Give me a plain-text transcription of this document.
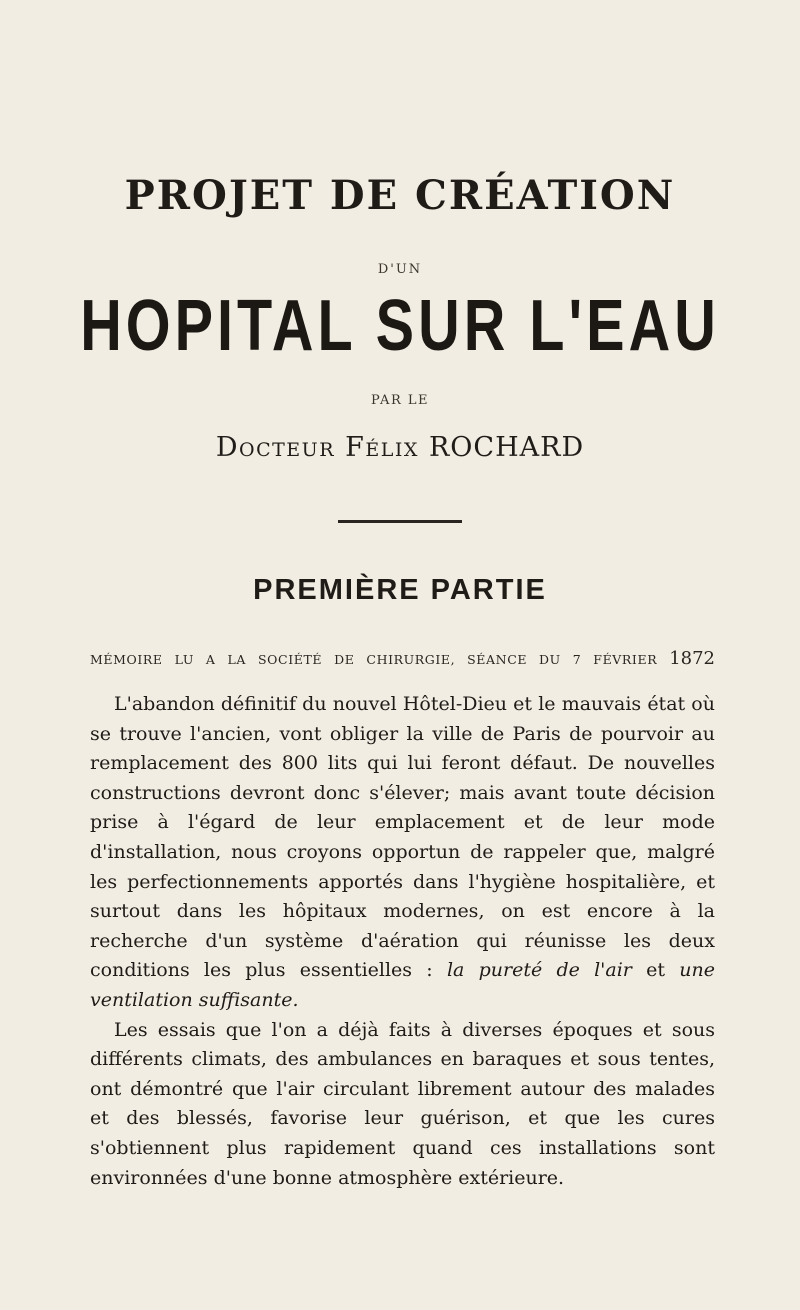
PROJET DE CRÉATION
D'UN
HOPITAL SUR L'EAU
PAR LE
Docteur Félix ROCHARD
PREMIÈRE PARTIE
MÉMOIRE LU A LA SOCIÉTÉ DE CHIRURGIE, SÉANCE DU 7 FÉVRIER 1872

L'abandon définitif du nouvel Hôtel-Dieu et le mauvais état où se trouve l'ancien, vont obliger la ville de Paris de pourvoir au remplacement des 800 lits qui lui feront défaut. De nouvelles constructions devront donc s'élever; mais avant toute décision prise à l'égard de leur emplacement et de leur mode d'installation, nous croyons opportun de rappeler que, malgré les perfectionnements apportés dans l'hygiène hospitalière, et surtout dans les hôpitaux modernes, on est encore à la recherche d'un système d'aération qui réunisse les deux conditions les plus essentielles : la pureté de l'air et une ventilation suffisante.

Les essais que l'on a déjà faits à diverses époques et sous différents climats, des ambulances en baraques et sous tentes, ont démontré que l'air circulant librement autour des malades et des blessés, favorise leur guérison, et que les cures s'obtiennent plus rapidement quand ces installations sont environnées d'une bonne atmosphère extérieure.
